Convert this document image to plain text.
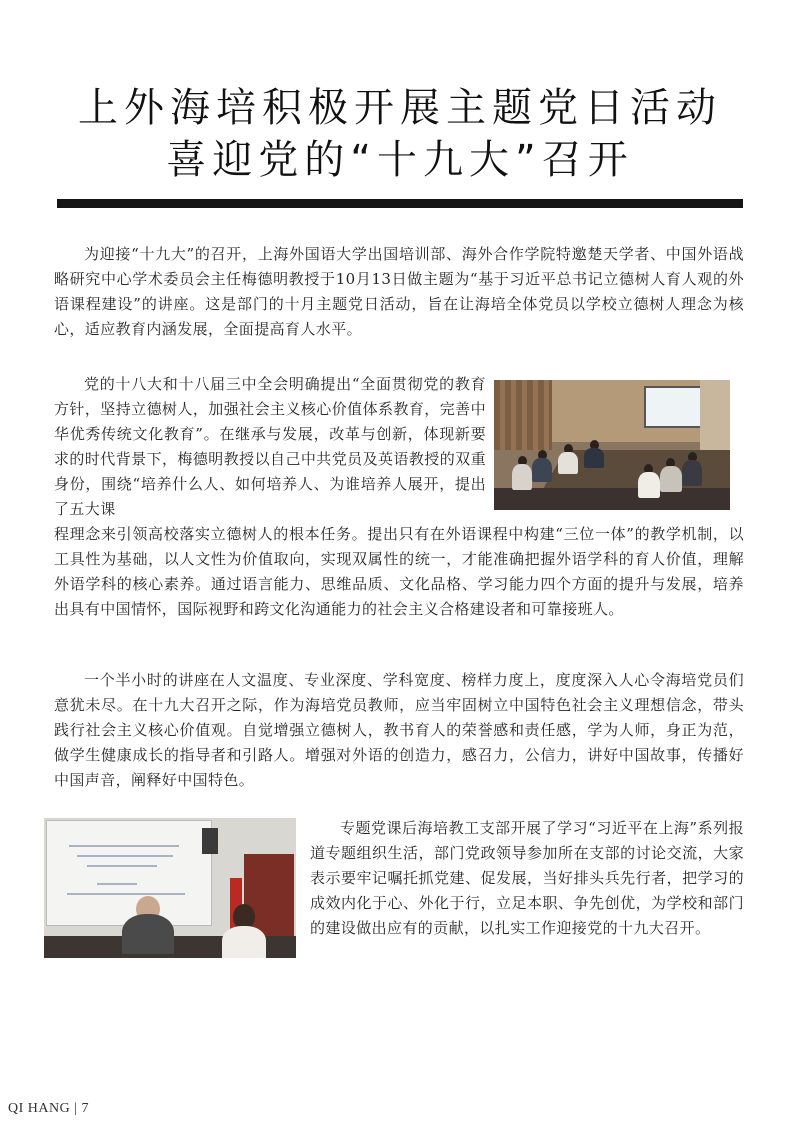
上外海培积极开展主题党日活动
喜迎党的“十九大”召开

为迎接“十九大”的召开，上海外国语大学出国培训部、海外合作学院特邀楚天学者、中国外语战略研究中心学术委员会主任梅德明教授于10月13日做主题为“基于习近平总书记立德树人育人观的外语课程建设”的讲座。这是部门的十月主题党日活动，旨在让海培全体党员以学校立德树人理念为核心，适应教育内涵发展，全面提高育人水平。

党的十八大和十八届三中全会明确提出“全面贯彻党的教育方针，坚持立德树人，加强社会主义核心价值体系教育，完善中华优秀传统文化教育”。在继承与发展，改革与创新，体现新要求的时代背景下，梅德明教授以自己中共党员及英语教授的双重身份，围绕“培养什么人、如何培养人、为谁培养人展开，提出了五大课

程理念来引领高校落实立德树人的根本任务。提出只有在外语课程中构建“三位一体”的教学机制，以工具性为基础，以人文性为价值取向，实现双属性的统一，才能准确把握外语学科的育人价值，理解外语学科的核心素养。通过语言能力、思维品质、文化品格、学习能力四个方面的提升与发展，培养出具有中国情怀，国际视野和跨文化沟通能力的社会主义合格建设者和可靠接班人。

一个半小时的讲座在人文温度、专业深度、学科宽度、榜样力度上，度度深入人心令海培党员们意犹未尽。在十九大召开之际，作为海培党员教师，应当牢固树立中国特色社会主义理想信念，带头践行社会主义核心价值观。自觉增强立德树人，教书育人的荣誉感和责任感，学为人师，身正为范，做学生健康成长的指导者和引路人。增强对外语的创造力，感召力，公信力，讲好中国故事，传播好中国声音，阐释好中国特色。

专题党课后海培教工支部开展了学习“习近平在上海”系列报道专题组织生活，部门党政领导参加所在支部的讨论交流，大家表示要牢记嘱托抓党建、促发展，当好排头兵先行者，把学习的成效内化于心、外化于行，立足本职、争先创优，为学校和部门的建设做出应有的贡献，以扎实工作迎接党的十九大召开。

QI HANG | 7
